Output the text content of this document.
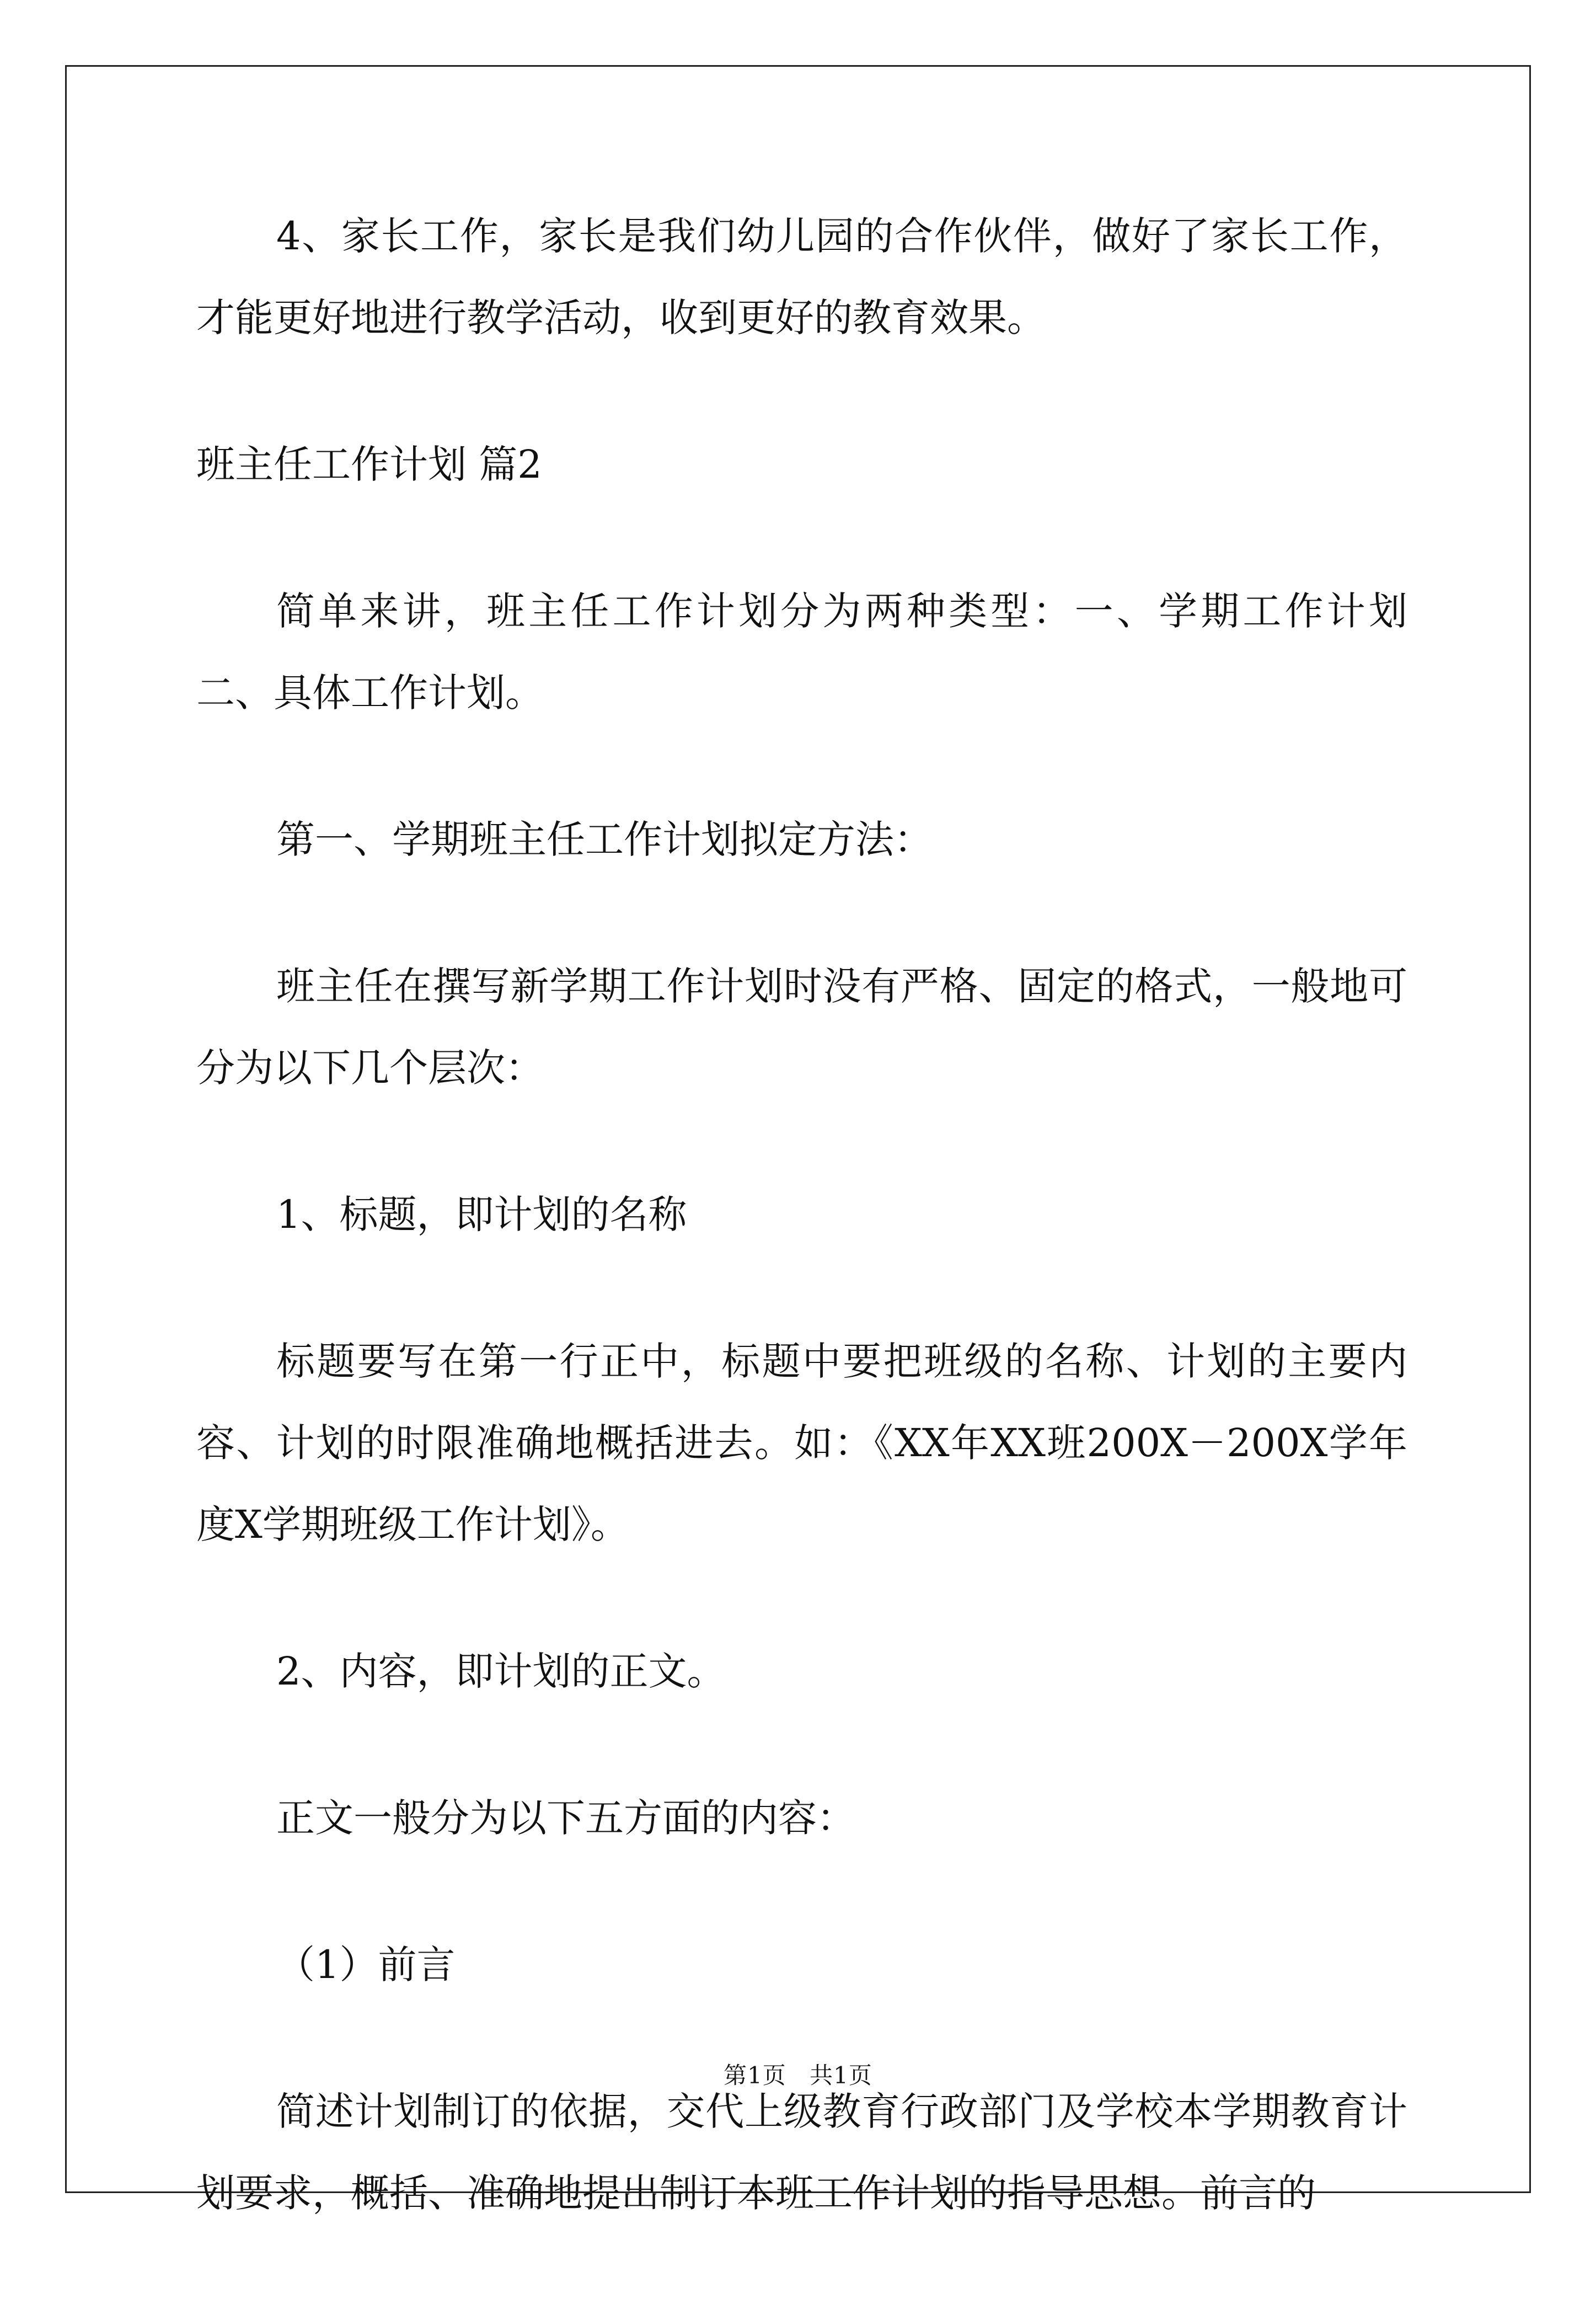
4、家长工作，家长是我们幼儿园的合作伙伴，做好了家长工作，才能更好地进行教学活动，收到更好的教育效果。

班主任工作计划 篇2

简单来讲，班主任工作计划分为两种类型：一、学期工作计划 二、具体工作计划。

第一、学期班主任工作计划拟定方法：

班主任在撰写新学期工作计划时没有严格、固定的格式，一般地可分为以下几个层次：

1、标题，即计划的名称

标题要写在第一行正中，标题中要把班级的名称、计划的主要内容、计划的时限准确地概括进去。如：《XX年XX班200X－200X学年度X学期班级工作计划》。

2、内容，即计划的正文。

正文一般分为以下五方面的内容：

（1）前言

简述计划制订的依据，交代上级教育行政部门及学校本学期教育计划要求，概括、准确地提出制订本班工作计划的指导思想。前言的

第1页 共1页
